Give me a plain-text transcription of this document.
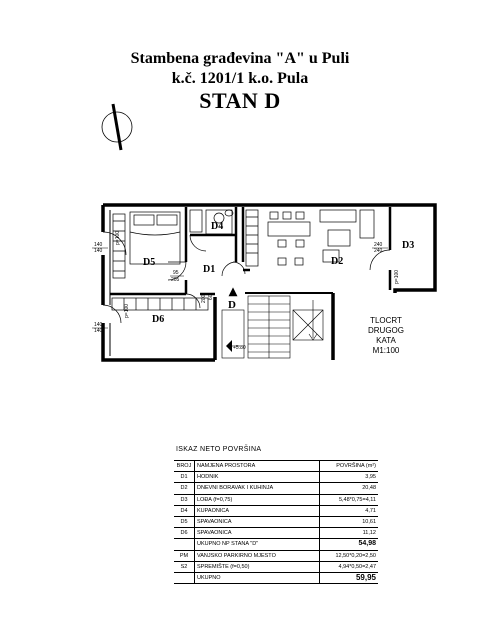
Stambena građevina "A" u Puli
k.č. 1201/1 k.o. Pula
STAN D
+5.80
D5
D4
D1
D2
D3
D6
D
140
140
140
140
240
240
95
205
200 60
p=100
p=100
p=100
TLOCRT
DRUGOG
KATA
M1:100
ISKAZ NETO POVRŠINA
BROJ	NAMJENA PROSTORA	POVRŠINA (m²)
D1	HODNIK	3,95
D2	DNEVNI BORAVAK I KUHINJA	20,48
D3	LOĐA (f=0,75)	5,48*0,75=4,11
D4	KUPAONICA	4,71
D5	SPAVAONICA	10,61
D6	SPAVAONICA	11,12
	UKUPNO NP STANA "D"	54,98
PM	VANJSKO PARKIRNO MJESTO	12,50*0,20=2,50
S2	SPREMIŠTE (f=0,50)	4,94*0,50=2,47
	UKUPNO	59,95
